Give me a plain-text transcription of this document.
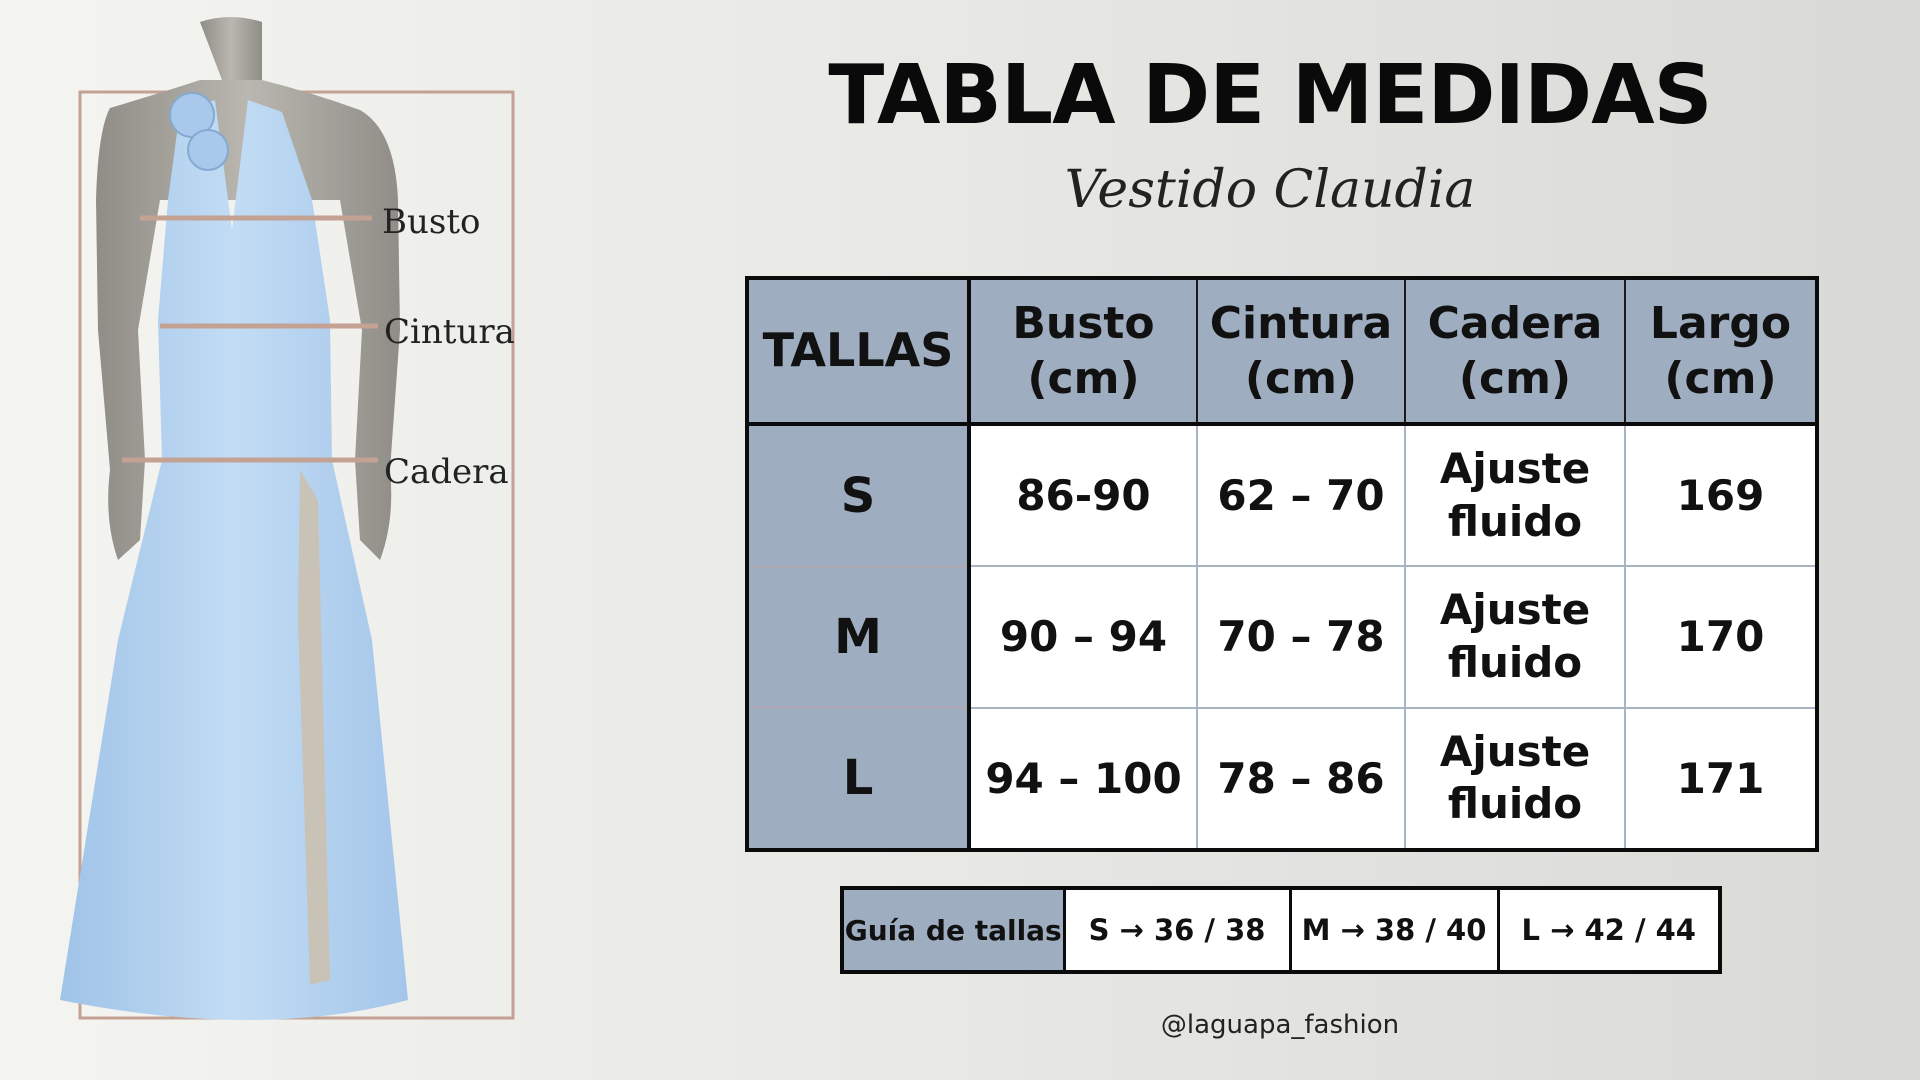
Busto
Cintura
Cadera
TABLA DE MEDIDAS
Vestido Claudia
TALLAS	Busto (cm)	Cintura (cm)	Cadera (cm)	Largo (cm)
S	86-90	62 – 70	Ajuste fluido	169
M	90 – 94	70 – 78	Ajuste fluido	170
L	94 – 100	78 – 86	Ajuste fluido	171
Guía de tallas	S → 36 / 38	M → 38 / 40	L → 42 / 44
@laguapa_fashion
